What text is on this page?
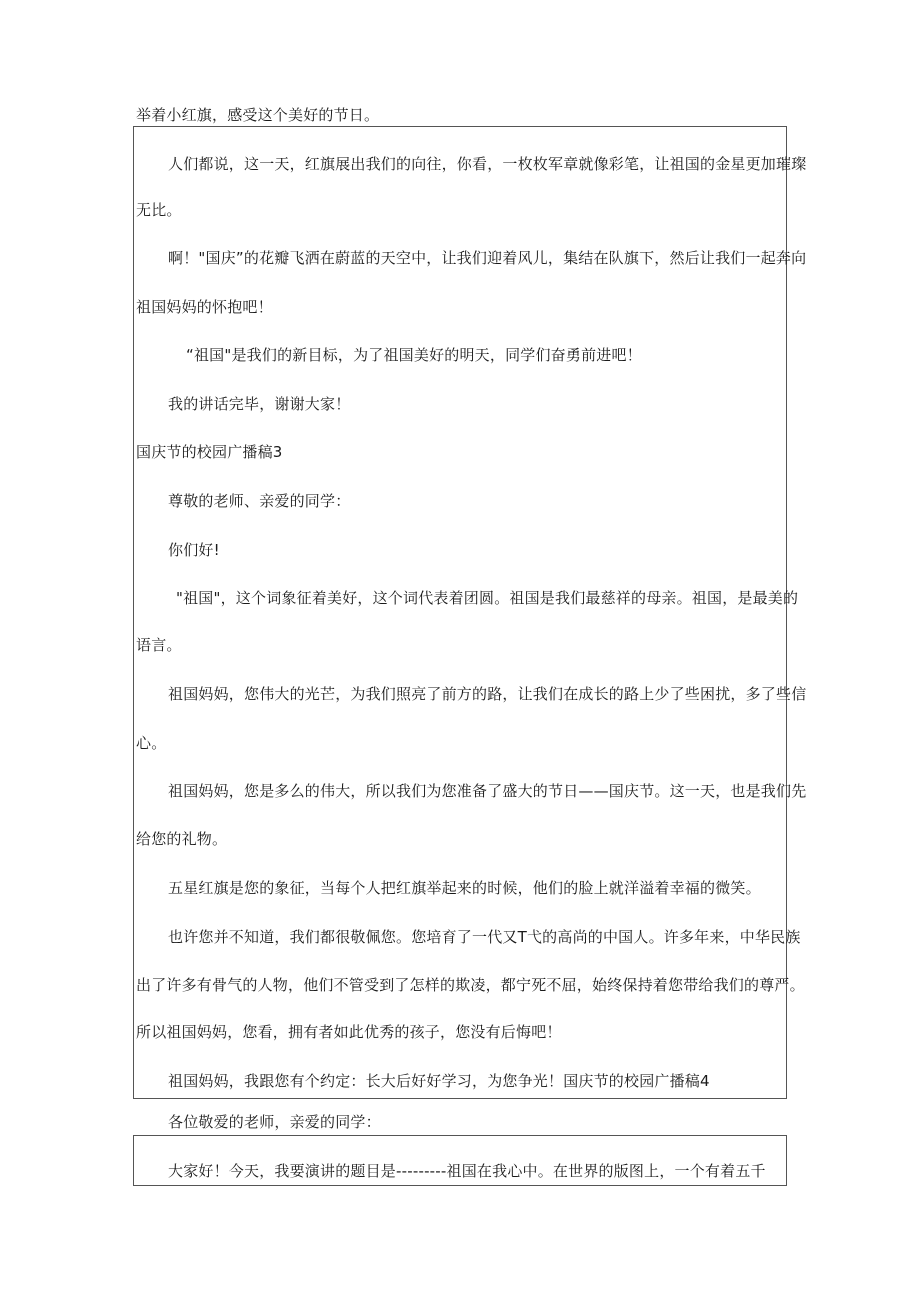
举着小红旗，感受这个美好的节日。
人们都说，这一天，红旗展出我们的向往，你看，一枚枚军章就像彩笔，让祖国的金星更加璀璨
无比。
啊！"国庆”的花瓣飞洒在蔚蓝的天空中，让我们迎着风儿，集结在队旗下，然后让我们一起奔向
祖国妈妈的怀抱吧！
“祖国"是我们的新目标，为了祖国美好的明天，同学们奋勇前进吧！
我的讲话完毕，谢谢大家！
国庆节的校园广播稿3
尊敬的老师、亲爱的同学：
你们好!
"祖国"，这个词象征着美好，这个词代表着团圆。祖国是我们最慈祥的母亲。祖国，是最美的
语言。
祖国妈妈，您伟大的光芒，为我们照亮了前方的路，让我们在成长的路上少了些困扰，多了些信
心。
祖国妈妈，您是多么的伟大，所以我们为您准备了盛大的节日——国庆节。这一天，也是我们先
给您的礼物。
五星红旗是您的象征，当每个人把红旗举起来的时候，他们的脸上就洋溢着幸福的微笑。
也许您并不知道，我们都很敬佩您。您培育了一代又T弋的高尚的中国人。许多年来，中华民族
出了许多有骨气的人物，他们不管受到了怎样的欺凌，都宁死不屈，始终保持着您带给我们的尊严。
所以祖国妈妈，您看，拥有者如此优秀的孩子，您没有后悔吧！
祖国妈妈，我跟您有个约定：长大后好好学习，为您争光！国庆节的校园广播稿4
各位敬爱的老师，亲爱的同学：
大家好！今天，我要演讲的题目是---------祖国在我心中。在世界的版图上，一个有着五千
